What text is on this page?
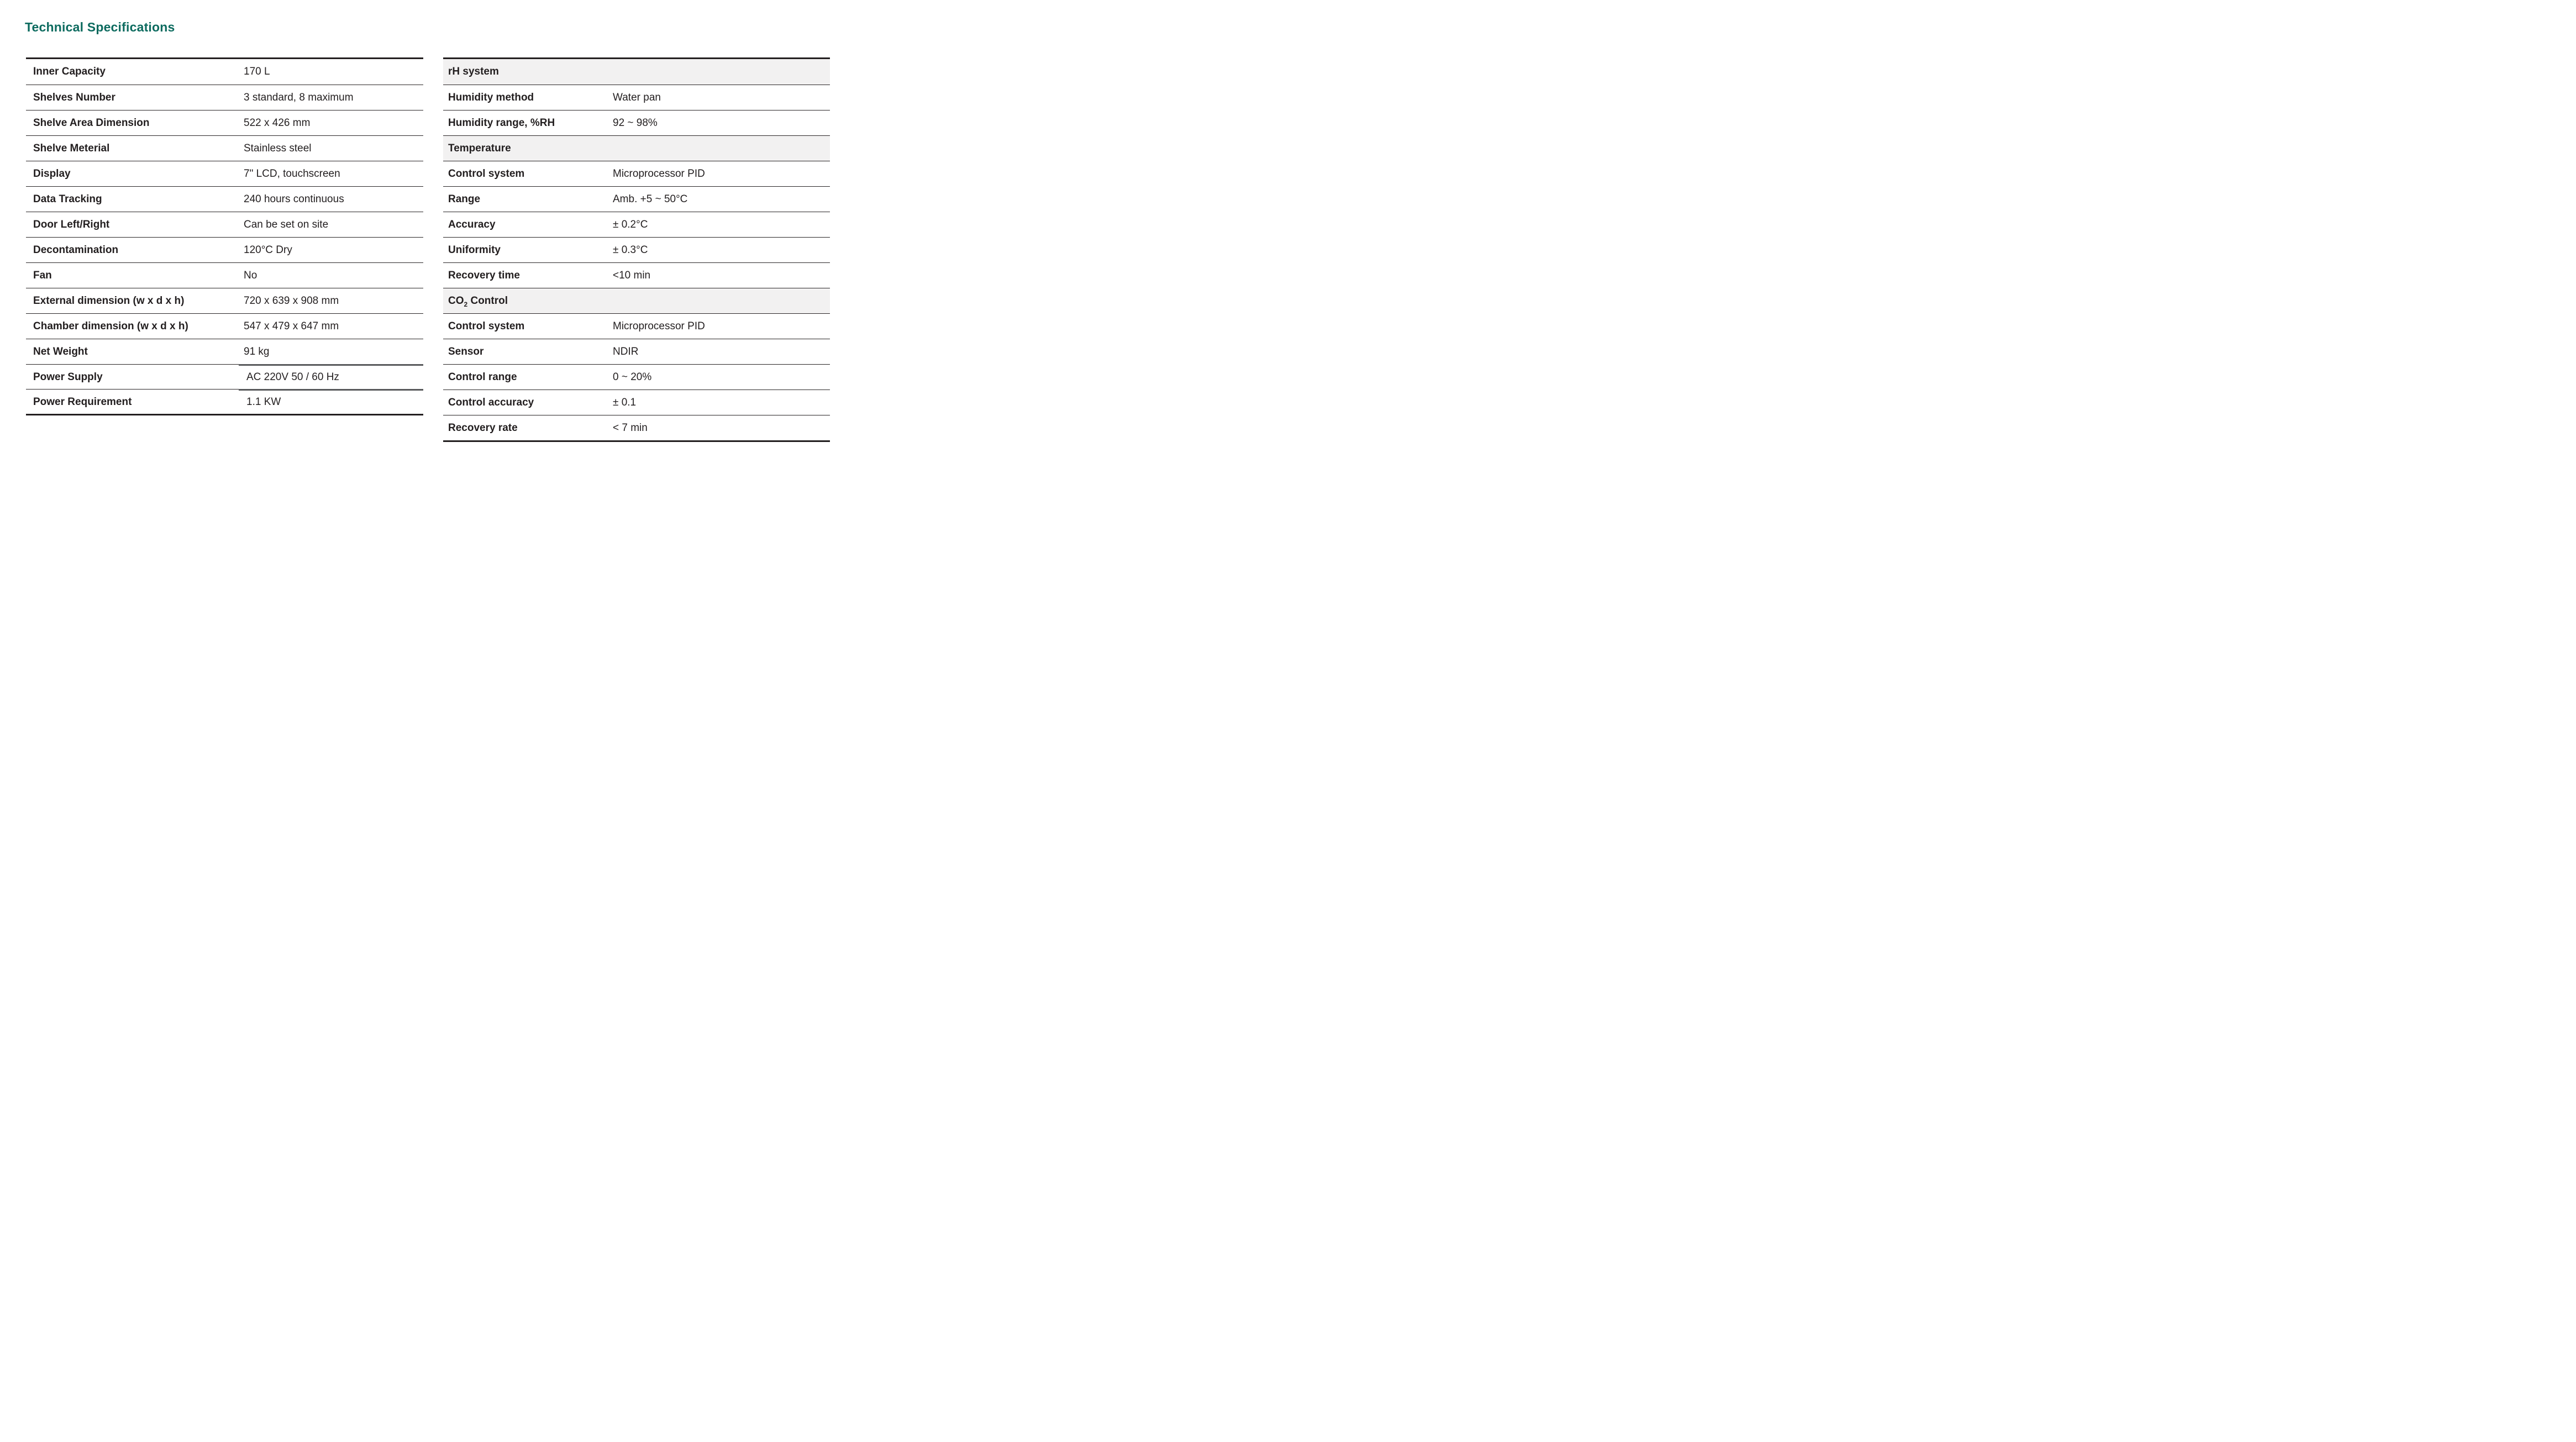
Technical Specifications
Inner Capacity	170 L
Shelves Number	3 standard, 8 maximum
Shelve Area Dimension	522 x 426 mm
Shelve Meterial	Stainless steel
Display	7" LCD, touchscreen
Data Tracking	240 hours continuous
Door Left/Right	Can be set on site
Decontamination	120°C Dry
Fan	No
External dimension (w x d x h)	720 x 639 x 908 mm
Chamber dimension (w x d x h)	547 x 479 x 647 mm
Net Weight	91 kg
Power Supply	AC 220V 50 / 60 Hz
Power Requirement	1.1 KW
rH system
Humidity method	Water pan
Humidity range, %RH	92 ~ 98%
Temperature
Control system	Microprocessor PID
Range	Amb. +5 ~ 50°C
Accuracy	± 0.2°C
Uniformity	± 0.3°C
Recovery time	<10 min
$CO_2$ Control
Control system	Microprocessor PID
Sensor	NDIR
Control range	0 ~ 20%
Control accuracy	± 0.1
Recovery rate	< 7 min
